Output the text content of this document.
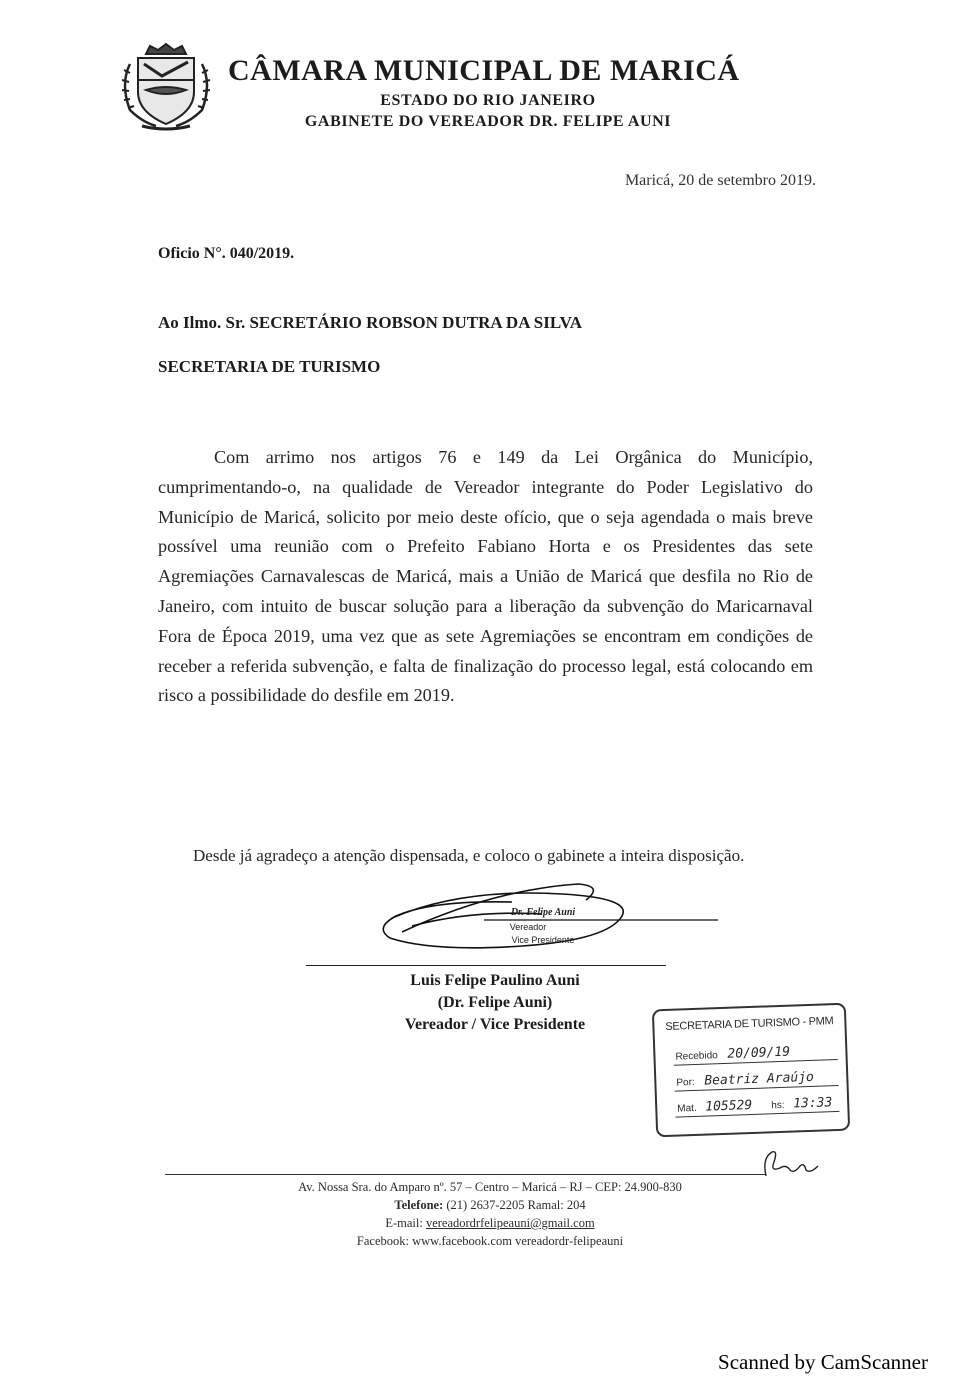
CÂMARA MUNICIPAL DE MARICÁ
ESTADO DO RIO JANEIRO
GABINETE DO VEREADOR DR. FELIPE AUNI
Maricá, 20 de setembro 2019.
Oficio N°. 040/2019.
Ao Ilmo. Sr. SECRETÁRIO ROBSON DUTRA DA SILVA
SECRETARIA DE TURISMO

Com arrimo nos artigos 76 e 149 da Lei Orgânica do Município, cumprimentando-o, na qualidade de Vereador integrante do Poder Legislativo do Município de Maricá, solicito por meio deste ofício, que o seja agendada o mais breve possível uma reunião com o Prefeito Fabiano Horta e os Presidentes das sete Agremiações Carnavalescas de Maricá, mais a União de Maricá que desfila no Rio de Janeiro, com intuito de buscar solução para a liberação da subvenção do Maricarnaval Fora de Época 2019, uma vez que as sete Agremiações se encontram em condições de receber a referida subvenção, e falta de finalização do processo legal, está colocando em risco a possibilidade do desfile em 2019.

Desde já agradeço a atenção dispensada, e coloco o gabinete a inteira disposição.
Dr. Felipe Auni
Vereador
Vice Presidente
Luis Felipe Paulino Auni
(Dr. Felipe Auni)
Vereador / Vice Presidente	SECRETARIA DE TURISMO - PMM
Recebido 20/09/19
Por: Beatriz Araújo
Mat. 105529 hs: 13:33
Av. Nossa Sra. do Amparo nº. 57 – Centro – Maricá – RJ – CEP: 24.900-830
Telefone: (21) 2637-2205 Ramal: 204
E-mail: vereadordrfelipeauni@gmail.com
Facebook: www.facebook.com vereadordr-felipeauni
Scanned by CamScanner
